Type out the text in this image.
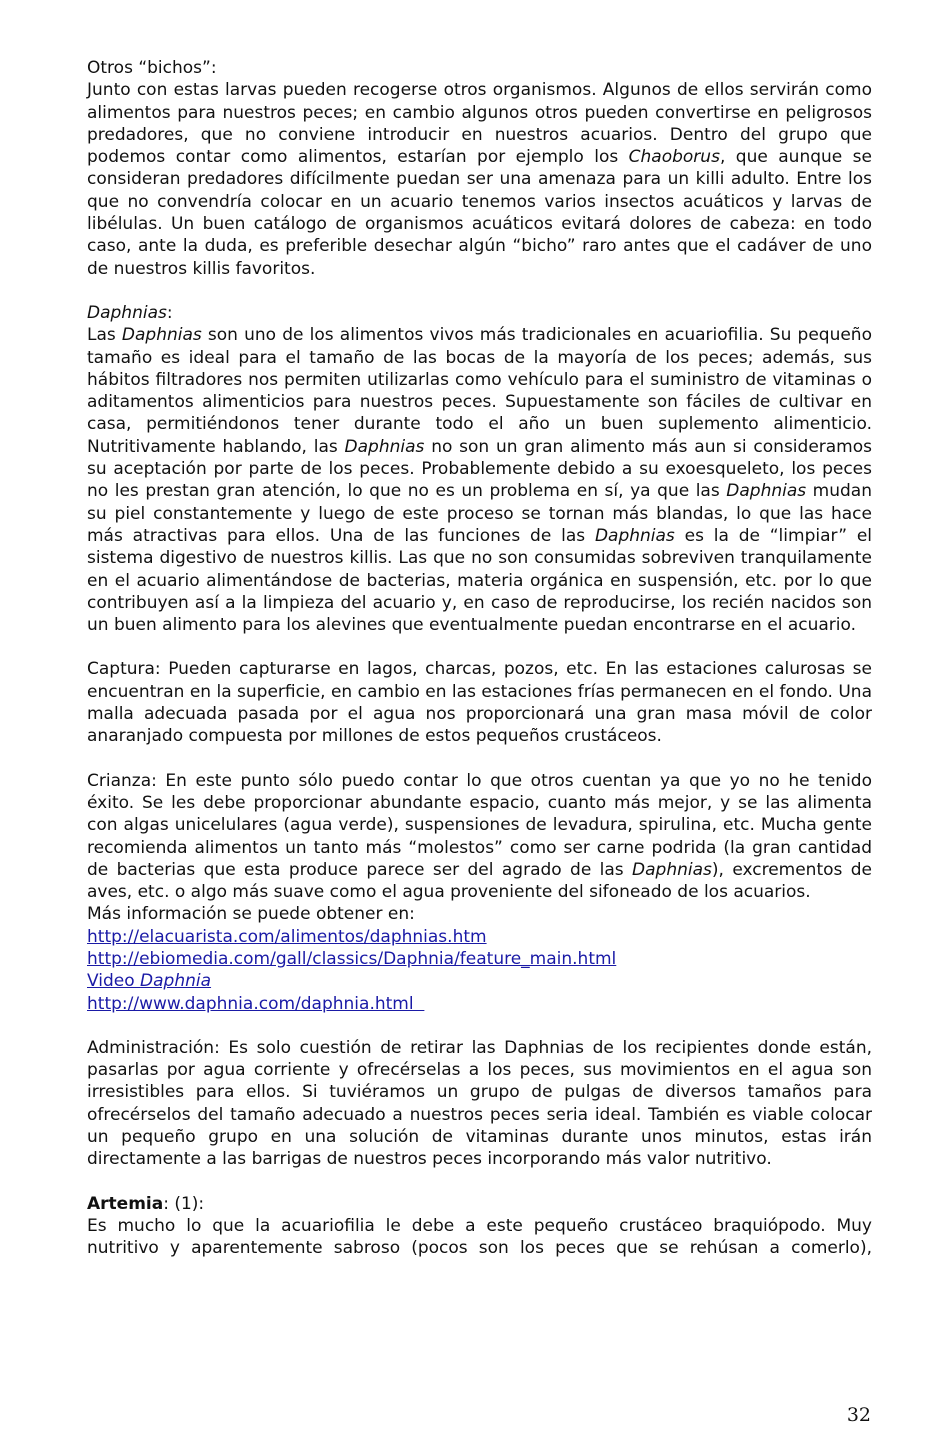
Otros “bichos”:

Junto con estas larvas pueden recogerse otros organismos. Algunos de ellos servirán como alimentos para nuestros peces; en cambio algunos otros pueden convertirse en peligrosos predadores, que no conviene introducir en nuestros acuarios. Dentro del grupo que podemos contar como alimentos, estarían por ejemplo los Chaoborus, que aunque se consideran predadores difícilmente puedan ser una amenaza para un killi adulto. Entre los que no convendría colocar en un acuario tenemos varios insectos acuáticos y larvas de libélulas. Un buen catálogo de organismos acuáticos evitará dolores de cabeza: en todo caso, ante la duda, es preferible desechar algún “bicho” raro antes que el cadáver de uno de nuestros killis favoritos.

Daphnias:

Las Daphnias son uno de los alimentos vivos más tradicionales en acuariofilia. Su pequeño tamaño es ideal para el tamaño de las bocas de la mayoría de los peces; además, sus hábitos filtradores nos permiten utilizarlas como vehículo para el suministro de vitaminas o aditamentos alimenticios para nuestros peces. Supuestamente son fáciles de cultivar en casa, permitiéndonos tener durante todo el año un buen suplemento alimenticio. Nutritivamente hablando, las Daphnias no son un gran alimento más aun si consideramos su aceptación por parte de los peces. Probablemente debido a su exoesqueleto, los peces no les prestan gran atención, lo que no es un problema en sí, ya que las Daphnias mudan su piel constantemente y luego de este proceso se tornan más blandas, lo que las hace más atractivas para ellos. Una de las funciones de las Daphnias es la de “limpiar” el sistema digestivo de nuestros killis. Las que no son consumidas sobreviven tranquilamente en el acuario alimentándose de bacterias, materia orgánica en suspensión, etc. por lo que contribuyen así a la limpieza del acuario y, en caso de reproducirse, los recién nacidos son un buen alimento para los alevines que eventualmente puedan encontrarse en el acuario.

Captura: Pueden capturarse en lagos, charcas, pozos, etc. En las estaciones calurosas se encuentran en la superficie, en cambio en las estaciones frías permanecen en el fondo. Una malla adecuada pasada por el agua nos proporcionará una gran masa móvil de color anaranjado compuesta por millones de estos pequeños crustáceos.

Crianza: En este punto sólo puedo contar lo que otros cuentan ya que yo no he tenido éxito. Se les debe proporcionar abundante espacio, cuanto más mejor, y se las alimenta con algas unicelulares (agua verde), suspensiones de levadura, spirulina, etc. Mucha gente recomienda alimentos un tanto más “molestos” como ser carne podrida (la gran cantidad de bacterias que esta produce parece ser del agrado de las Daphnias), excrementos de aves, etc. o algo más suave como el agua proveniente del sifoneado de los acuarios.

Más información se puede obtener en:

http://elacuarista.com/alimentos/daphnias.htm
http://ebiomedia.com/gall/classics/Daphnia/feature_main.html
Video Daphnia
http://www.daphnia.com/daphnia.html

Administración: Es solo cuestión de retirar las Daphnias de los recipientes donde están, pasarlas por agua corriente y ofrecérselas a los peces, sus movimientos en el agua son irresistibles para ellos. Si tuviéramos un grupo de pulgas de diversos tamaños para ofrecérselos del tamaño adecuado a nuestros peces seria ideal. También es viable colocar un pequeño grupo en una solución de vitaminas durante unos minutos, estas irán directamente a las barrigas de nuestros peces incorporando más valor nutritivo.

Artemia: (1):

Es mucho lo que la acuariofilia le debe a este pequeño crustáceo braquiópodo. Muy nutritivo y aparentemente sabroso (pocos son los peces que se rehúsan a comerlo),

32
